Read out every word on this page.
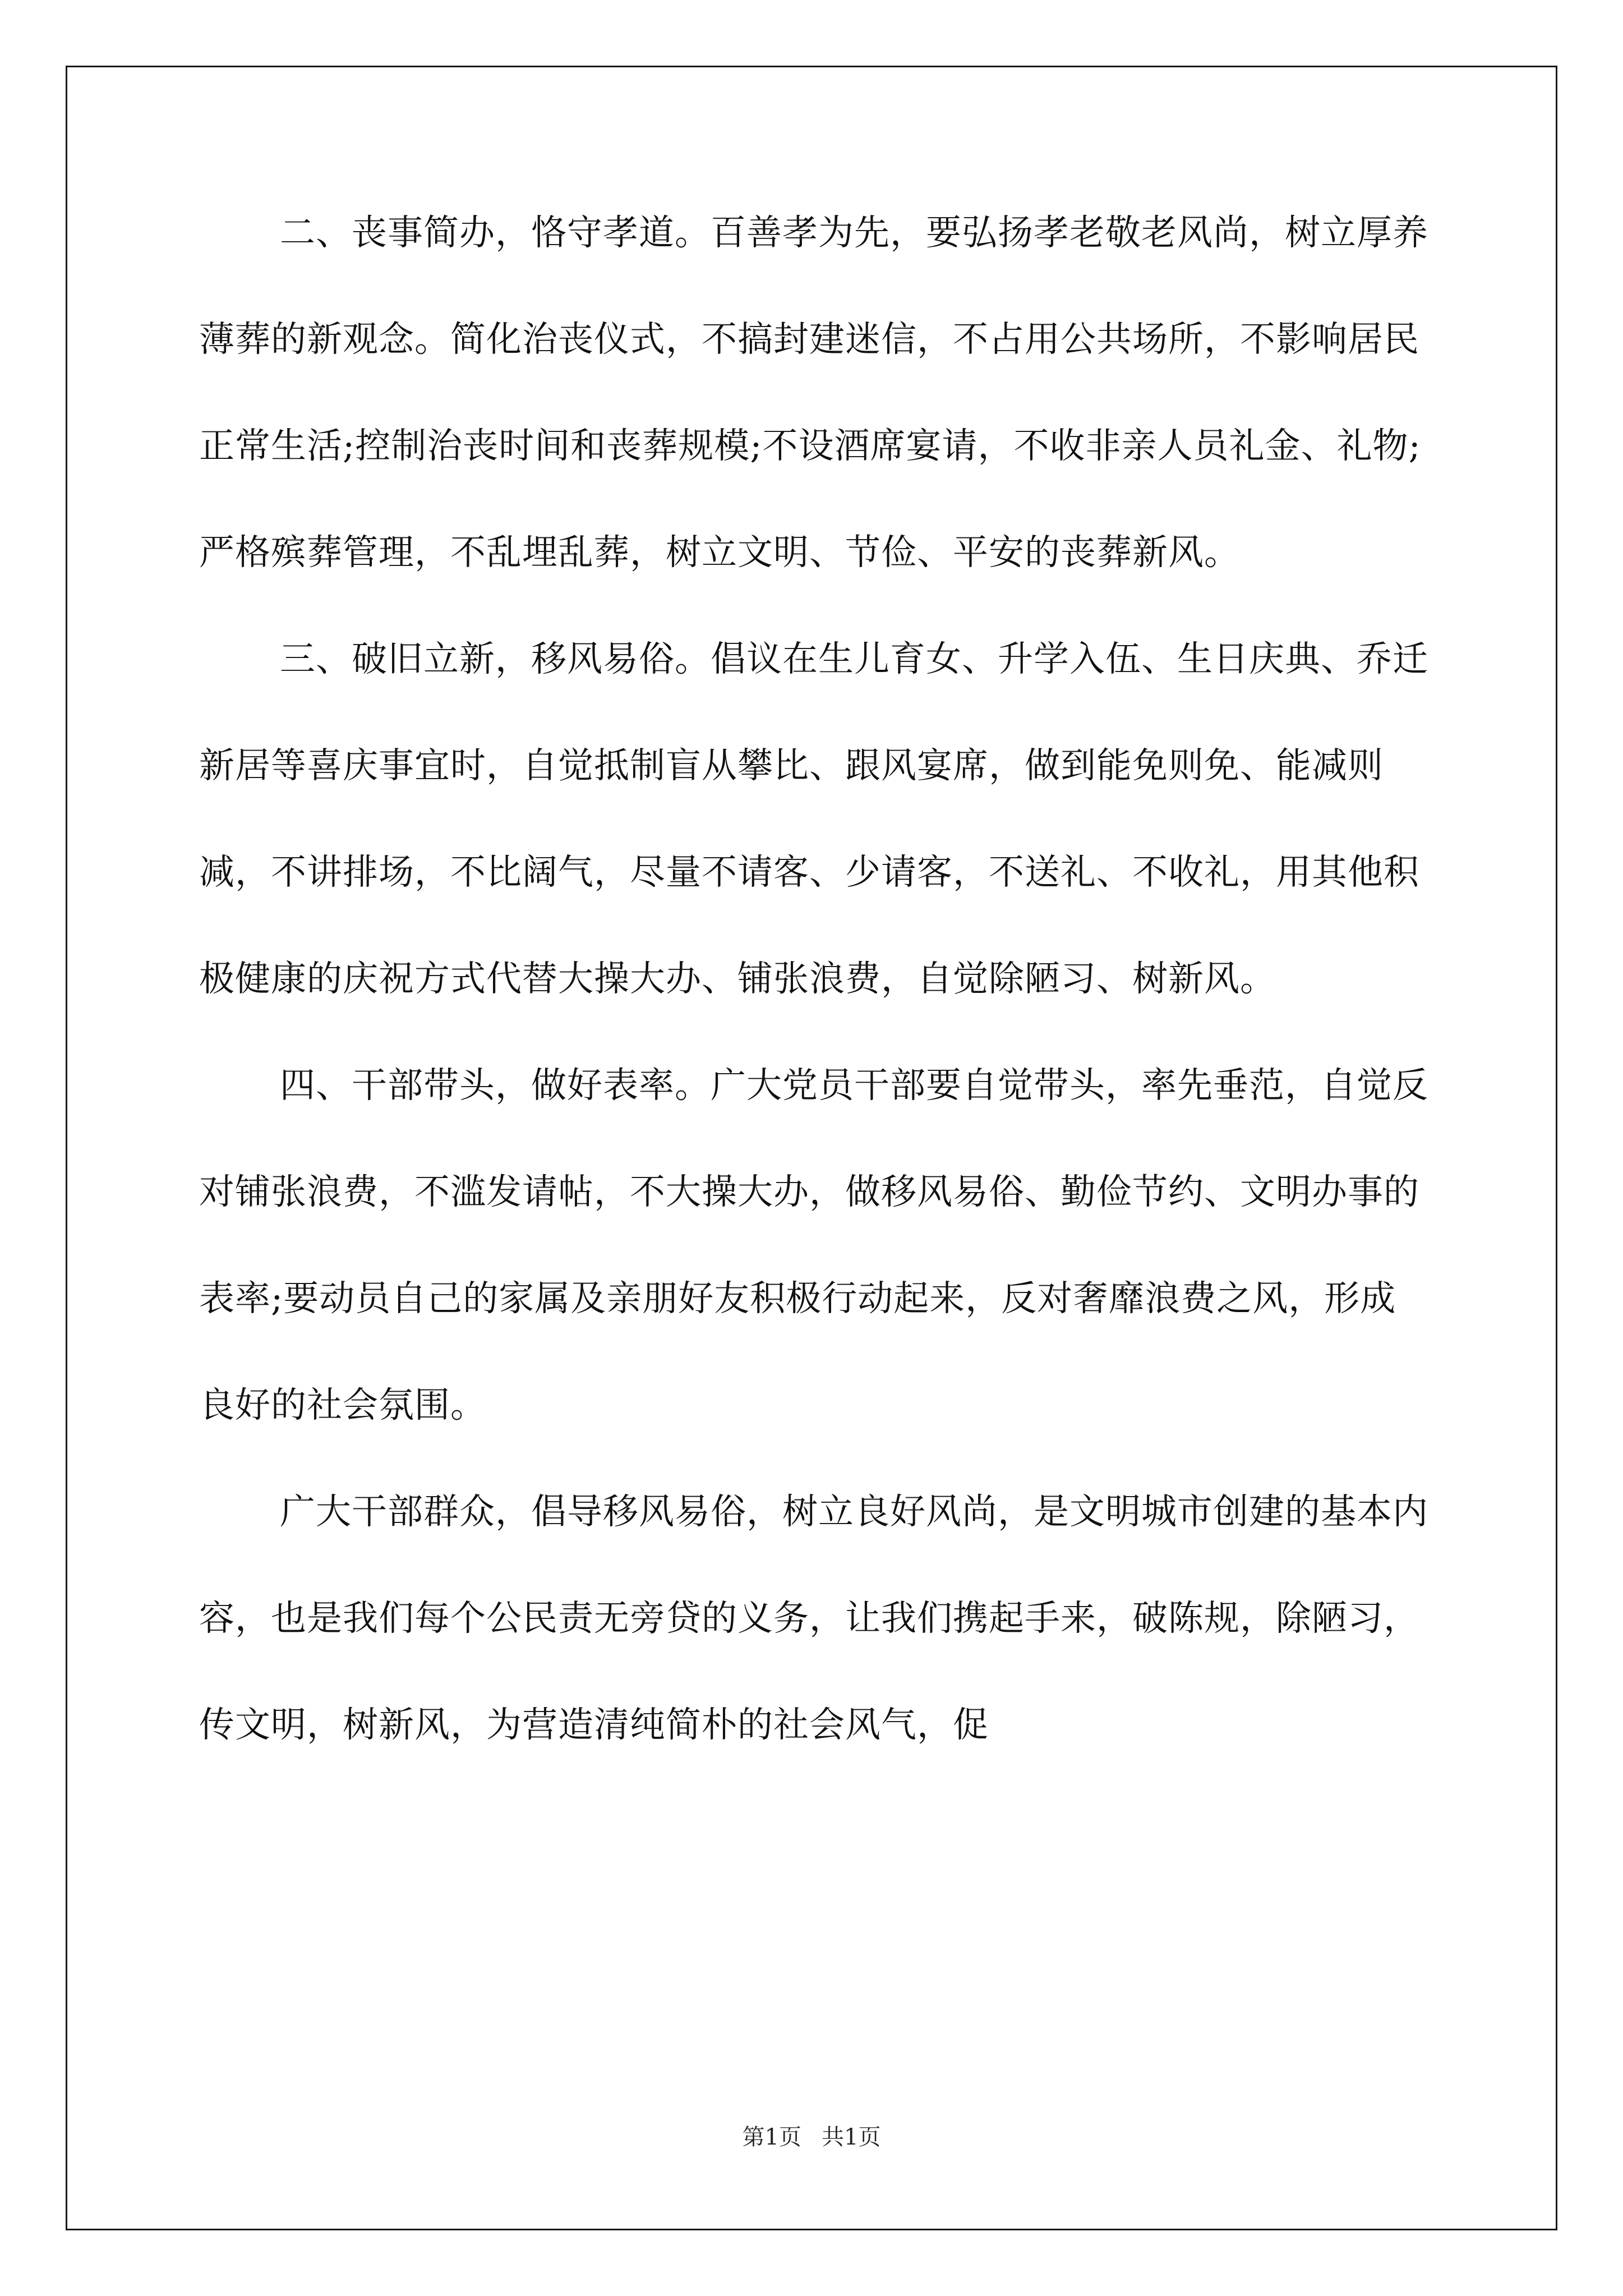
二、丧事简办，恪守孝道。百善孝为先，要弘扬孝老敬老风尚，树立厚养薄葬的新观念。简化治丧仪式，不搞封建迷信，不占用公共场所，不影响居民正常生活;控制治丧时间和丧葬规模;不设酒席宴请，不收非亲人员礼金、礼物;严格殡葬管理，不乱埋乱葬，树立文明、节俭、平安的丧葬新风。

三、破旧立新，移风易俗。倡议在生儿育女、升学入伍、生日庆典、乔迁新居等喜庆事宜时，自觉抵制盲从攀比、跟风宴席，做到能免则免、能减则减，不讲排场，不比阔气，尽量不请客、少请客，不送礼、不收礼，用其他积极健康的庆祝方式代替大操大办、铺张浪费，自觉除陋习、树新风。

四、干部带头，做好表率。广大党员干部要自觉带头，率先垂范，自觉反对铺张浪费，不滥发请帖，不大操大办，做移风易俗、勤俭节约、文明办事的表率;要动员自己的家属及亲朋好友积极行动起来，反对奢靡浪费之风，形成良好的社会氛围。

广大干部群众，倡导移风易俗，树立良好风尚，是文明城市创建的基本内容，也是我们每个公民责无旁贷的义务，让我们携起手来，破陈规，除陋习，传文明，树新风，为营造清纯简朴的社会风气，促

第1页 共1页
